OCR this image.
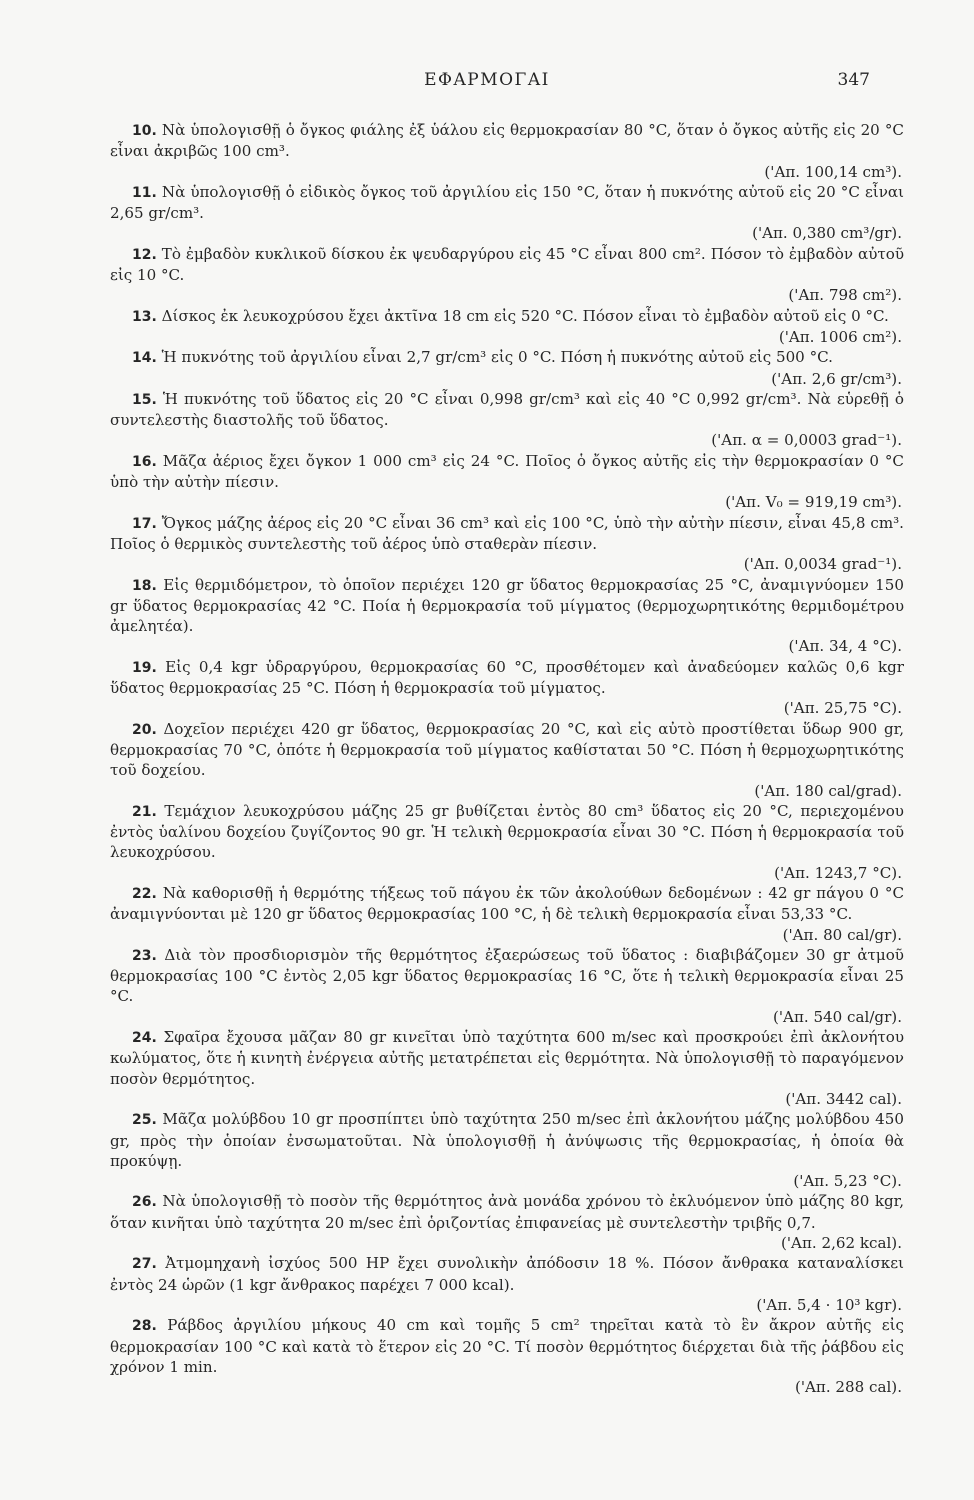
ΕΦΑΡΜΟΓΑΙ	347

10. Νὰ ὑπολογισθῇ ὁ ὄγκος φιάλης ἐξ ὑάλου εἰς θερμοκρασίαν 80 °C, ὅταν ὁ ὄγκος αὐτῆς εἰς 20 °C εἶναι ἀκριβῶς 100 cm³.

('Απ. 100,14 cm³).

11. Νὰ ὑπολογισθῇ ὁ εἰδικὸς ὄγκος τοῦ ἀργιλίου εἰς 150 °C, ὅταν ἡ πυκνότης αὐτοῦ εἰς 20 °C εἶναι 2,65 gr/cm³.

('Απ. 0,380 cm³/gr).

12. Τὸ ἐμβαδὸν κυκλικοῦ δίσκου ἐκ ψευδαργύρου εἰς 45 °C εἶναι 800 cm². Πόσον τὸ ἐμβαδὸν αὐτοῦ εἰς 10 °C.

('Απ. 798 cm²).

13. Δίσκος ἐκ λευκοχρύσου ἔχει ἀκτῖνα 18 cm εἰς 520 °C. Πόσον εἶναι τὸ ἐμβαδὸν αὐτοῦ εἰς 0 °C.

('Απ. 1006 cm²).

14. Ἡ πυκνότης τοῦ ἀργιλίου εἶναι 2,7 gr/cm³ εἰς 0 °C. Πόση ἡ πυκνότης αὐτοῦ εἰς 500 °C.

('Απ. 2,6 gr/cm³).

15. Ἡ πυκνότης τοῦ ὕδατος εἰς 20 °C εἶναι 0,998 gr/cm³ καὶ εἰς 40 °C 0,992 gr/cm³. Νὰ εὑρεθῇ ὁ συντελεστὴς διαστολῆς τοῦ ὕδατος.

('Απ. α = 0,0003 grad⁻¹).

16. Μᾶζα ἀέριος ἔχει ὄγκον 1 000 cm³ εἰς 24 °C. Ποῖος ὁ ὄγκος αὐτῆς εἰς τὴν θερμοκρασίαν 0 °C ὑπὸ τὴν αὐτὴν πίεσιν.

('Απ. V₀ = 919,19 cm³).

17. Ὄγκος μάζης ἀέρος εἰς 20 °C εἶναι 36 cm³ καὶ εἰς 100 °C, ὑπὸ τὴν αὐτὴν πίεσιν, εἶναι 45,8 cm³. Ποῖος ὁ θερμικὸς συντελεστὴς τοῦ ἀέρος ὑπὸ σταθερὰν πίεσιν.

('Απ. 0,0034 grad⁻¹).

18. Εἰς θερμιδόμετρον, τὸ ὁποῖον περιέχει 120 gr ὕδατος θερμοκρασίας 25 °C, ἀναμιγνύομεν 150 gr ὕδατος θερμοκρασίας 42 °C. Ποία ἡ θερμοκρασία τοῦ μίγματος (θερμοχωρητικότης θερμιδομέτρου ἀμελητέα).

('Απ. 34, 4 °C).

19. Εἰς 0,4 kgr ὑδραργύρου, θερμοκρασίας 60 °C, προσθέτομεν καὶ ἀναδεύομεν καλῶς 0,6 kgr ὕδατος θερμοκρασίας 25 °C. Πόση ἡ θερμοκρασία τοῦ μίγματος.

('Απ. 25,75 °C).

20. Δοχεῖον περιέχει 420 gr ὕδατος, θερμοκρασίας 20 °C, καὶ εἰς αὐτὸ προστίθεται ὕδωρ 900 gr, θερμοκρασίας 70 °C, ὁπότε ἡ θερμοκρασία τοῦ μίγματος καθίσταται 50 °C. Πόση ἡ θερμοχωρητικότης τοῦ δοχείου.

('Απ. 180 cal/grad).

21. Τεμάχιον λευκοχρύσου μάζης 25 gr βυθίζεται ἐντὸς 80 cm³ ὕδατος εἰς 20 °C, περιεχομένου ἐντὸς ὑαλίνου δοχείου ζυγίζοντος 90 gr. Ἡ τελικὴ θερμοκρασία εἶναι 30 °C. Πόση ἡ θερμοκρασία τοῦ λευκοχρύσου.

('Απ. 1243,7 °C).

22. Νὰ καθορισθῇ ἡ θερμότης τήξεως τοῦ πάγου ἐκ τῶν ἀκολούθων δεδομένων : 42 gr πάγου 0 °C ἀναμιγνύονται μὲ 120 gr ὕδατος θερμοκρασίας 100 °C, ἡ δὲ τελικὴ θερμοκρασία εἶναι 53,33 °C.

('Απ. 80 cal/gr).

23. Διὰ τὸν προσδιορισμὸν τῆς θερμότητος ἐξαερώσεως τοῦ ὕδατος : διαβιβάζομεν 30 gr ἀτμοῦ θερμοκρασίας 100 °C ἐντὸς 2,05 kgr ὕδατος θερμοκρασίας 16 °C, ὅτε ἡ τελικὴ θερμοκρασία εἶναι 25 °C.

('Απ. 540 cal/gr).

24. Σφαῖρα ἔχουσα μᾶζαν 80 gr κινεῖται ὑπὸ ταχύτητα 600 m/sec καὶ προσκρούει ἐπὶ ἀκλονήτου κωλύματος, ὅτε ἡ κινητὴ ἐνέργεια αὐτῆς μετατρέπεται εἰς θερμότητα. Νὰ ὑπολογισθῇ τὸ παραγόμενον ποσὸν θερμότητος.

('Απ. 3442 cal).

25. Μᾶζα μολύβδου 10 gr προσπίπτει ὑπὸ ταχύτητα 250 m/sec ἐπὶ ἀκλονήτου μάζης μολύβδου 450 gr, πρὸς τὴν ὁποίαν ἐνσωματοῦται. Νὰ ὑπολογισθῇ ἡ ἀνύψωσις τῆς θερμοκρασίας, ἡ ὁποία θὰ προκύψῃ.

('Απ. 5,23 °C).

26. Νὰ ὑπολογισθῇ τὸ ποσὸν τῆς θερμότητος ἀνὰ μονάδα χρόνου τὸ ἐκλυόμενον ὑπὸ μάζης 80 kgr, ὅταν κινῆται ὑπὸ ταχύτητα 20 m/sec ἐπὶ ὁριζοντίας ἐπιφανείας μὲ συντελεστὴν τριβῆς 0,7.

('Απ. 2,62 kcal).

27. Ἀτμομηχανὴ ἰσχύος 500 HP ἔχει συνολικὴν ἀπόδοσιν 18 %. Πόσον ἄνθρακα καταναλίσκει ἐντὸς 24 ὡρῶν (1 kgr ἄνθρακος παρέχει 7 000 kcal).

('Απ. 5,4 · 10³ kgr).

28. Ράβδος ἀργιλίου μήκους 40 cm καὶ τομῆς 5 cm² τηρεῖται κατὰ τὸ ἓν ἄκρον αὐτῆς εἰς θερμοκρασίαν 100 °C καὶ κατὰ τὸ ἕτερον εἰς 20 °C. Τί ποσὸν θερμότητος διέρχεται διὰ τῆς ῥάβδου εἰς χρόνον 1 min.

('Απ. 288 cal).
